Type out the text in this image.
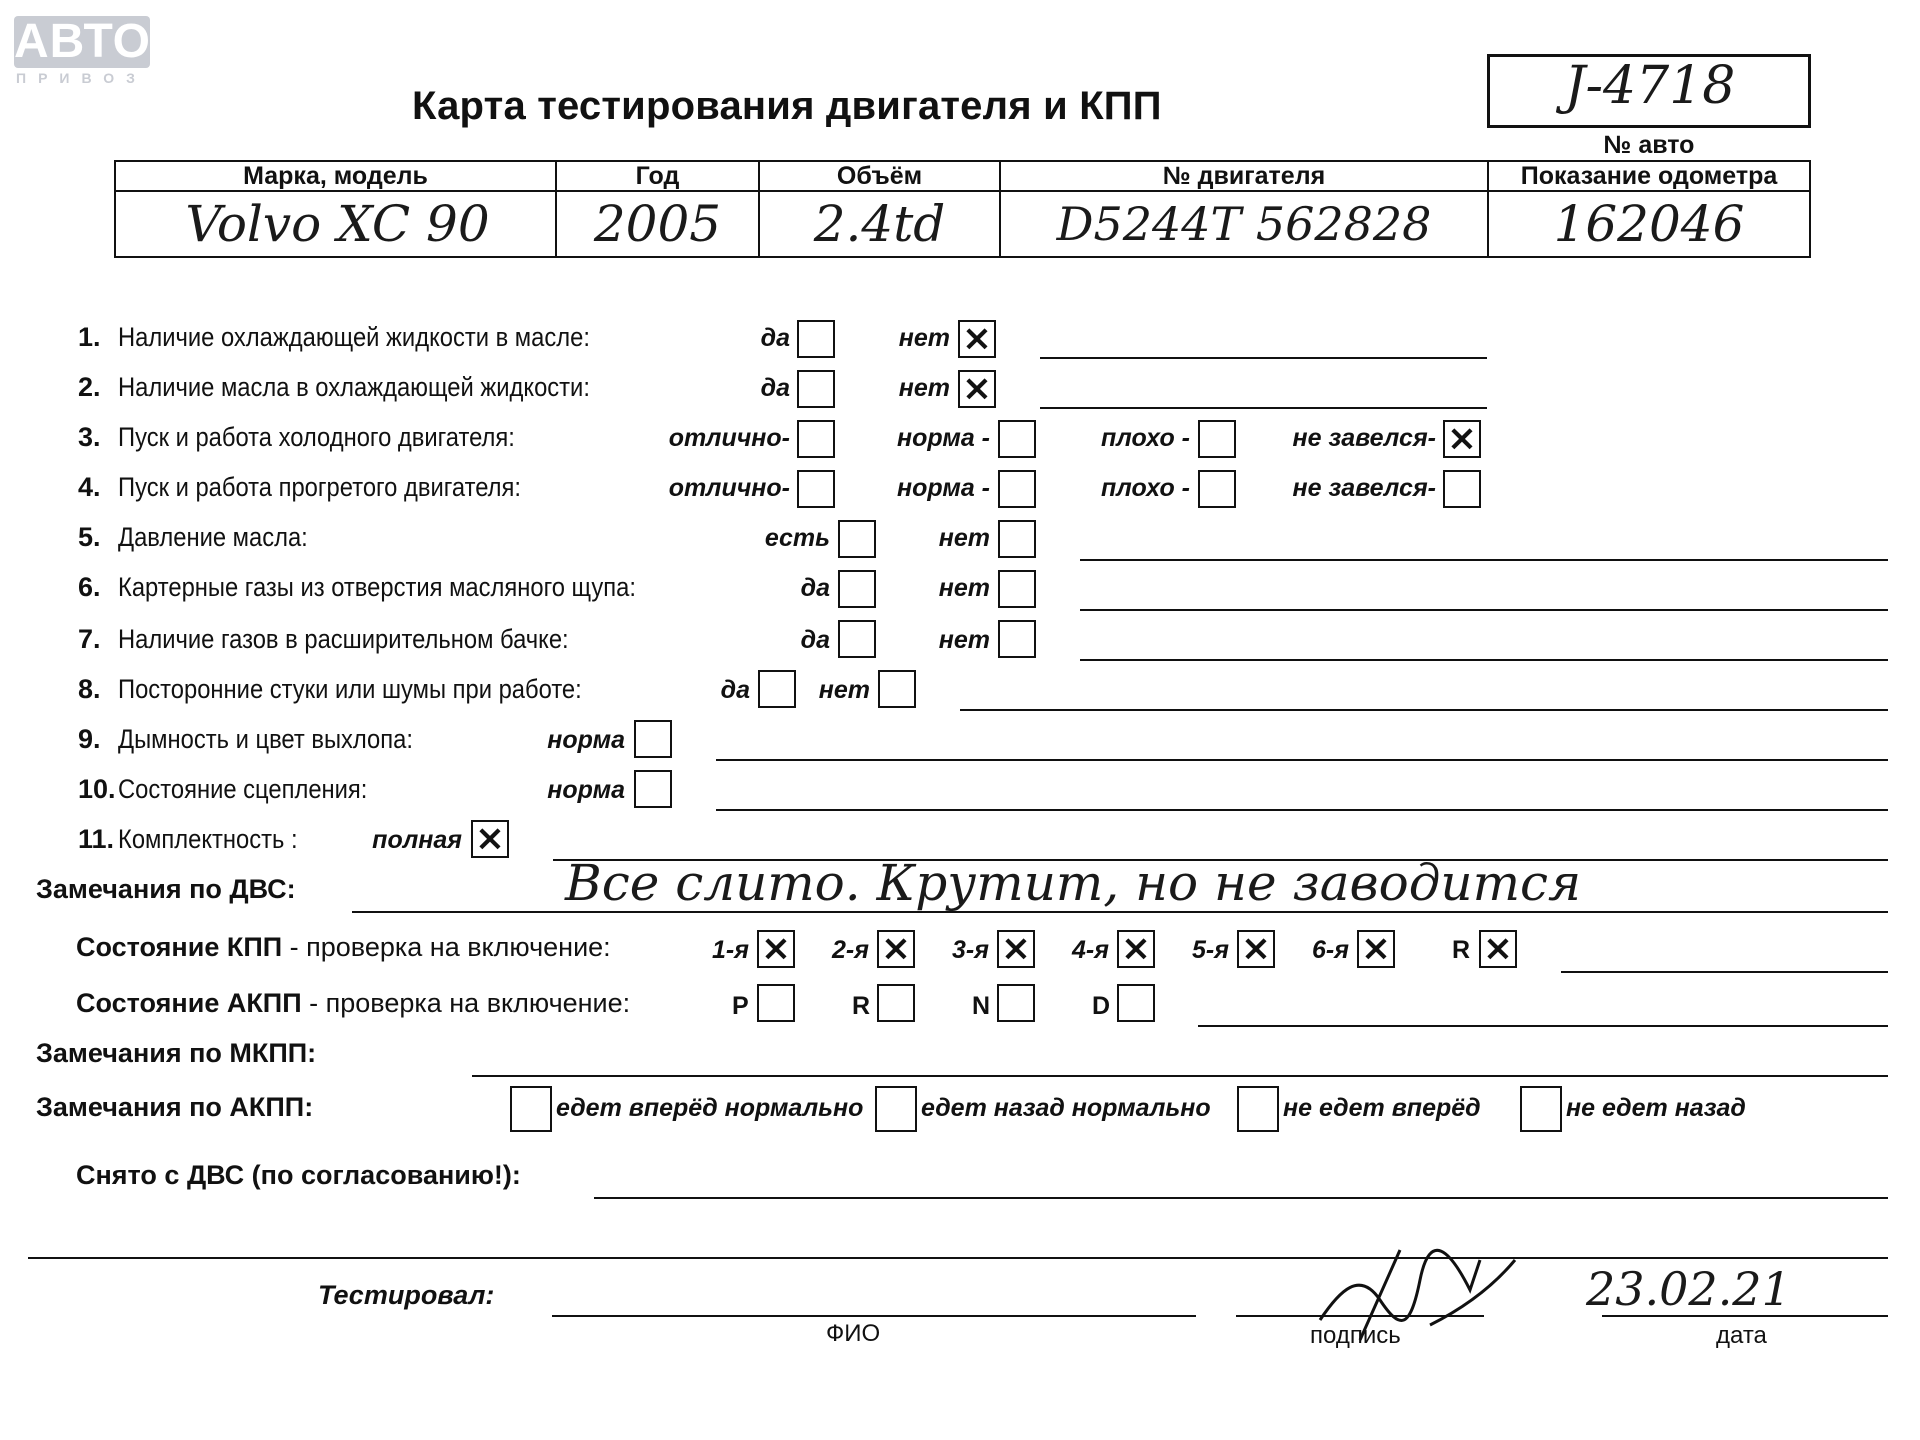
АВТО
ПРИВОЗ	J-4718
№ авто
Карта тестирования двигателя и КПП
Марка, модель	Год	Объём	№ двигателя	Показание одометра
Volvo XC 90	2005	2.4td	D5244T 562828	162046
1. Наличие охлаждающей жидкости в масле:	да	нет ×
2. Наличие масла в охлаждающей жидкости:	да	нет ×
3. Пуск и работа холодного двигателя:	отлично-	норма -	плохо -	не завелся- ×
4. Пуск и работа прогретого двигателя:	отлично-	норма -	плохо -	не завелся-
5. Давление масла:	есть	нет
6. Картерные газы из отверстия масляного щупа:	да	нет
7. Наличие газов в расширительном бачке:	да	нет
8. Посторонние стуки или шумы при работе:	да	нет
9. Дымность и цвет выхлопа:	норма
10. Состояние сцепления:	норма
11. Комплектность :	полная ×
Замечания по ДВС:	Все слито. Крутит, но не заводится
Состояние КПП - проверка на включение:	1-я × 2-я × 3-я × 4-я × 5-я × 6-я × R ×
Состояние АКПП - проверка на включение:	P	R	N	D
Замечания по МКПП:
Замечания по АКПП:	едет вперёд нормально едет назад нормально	не едет вперёд	не едет назад
Снято с ДВС (по согласованию!):
Тестировал:
ФИО	подпись
23.02.21
дата
